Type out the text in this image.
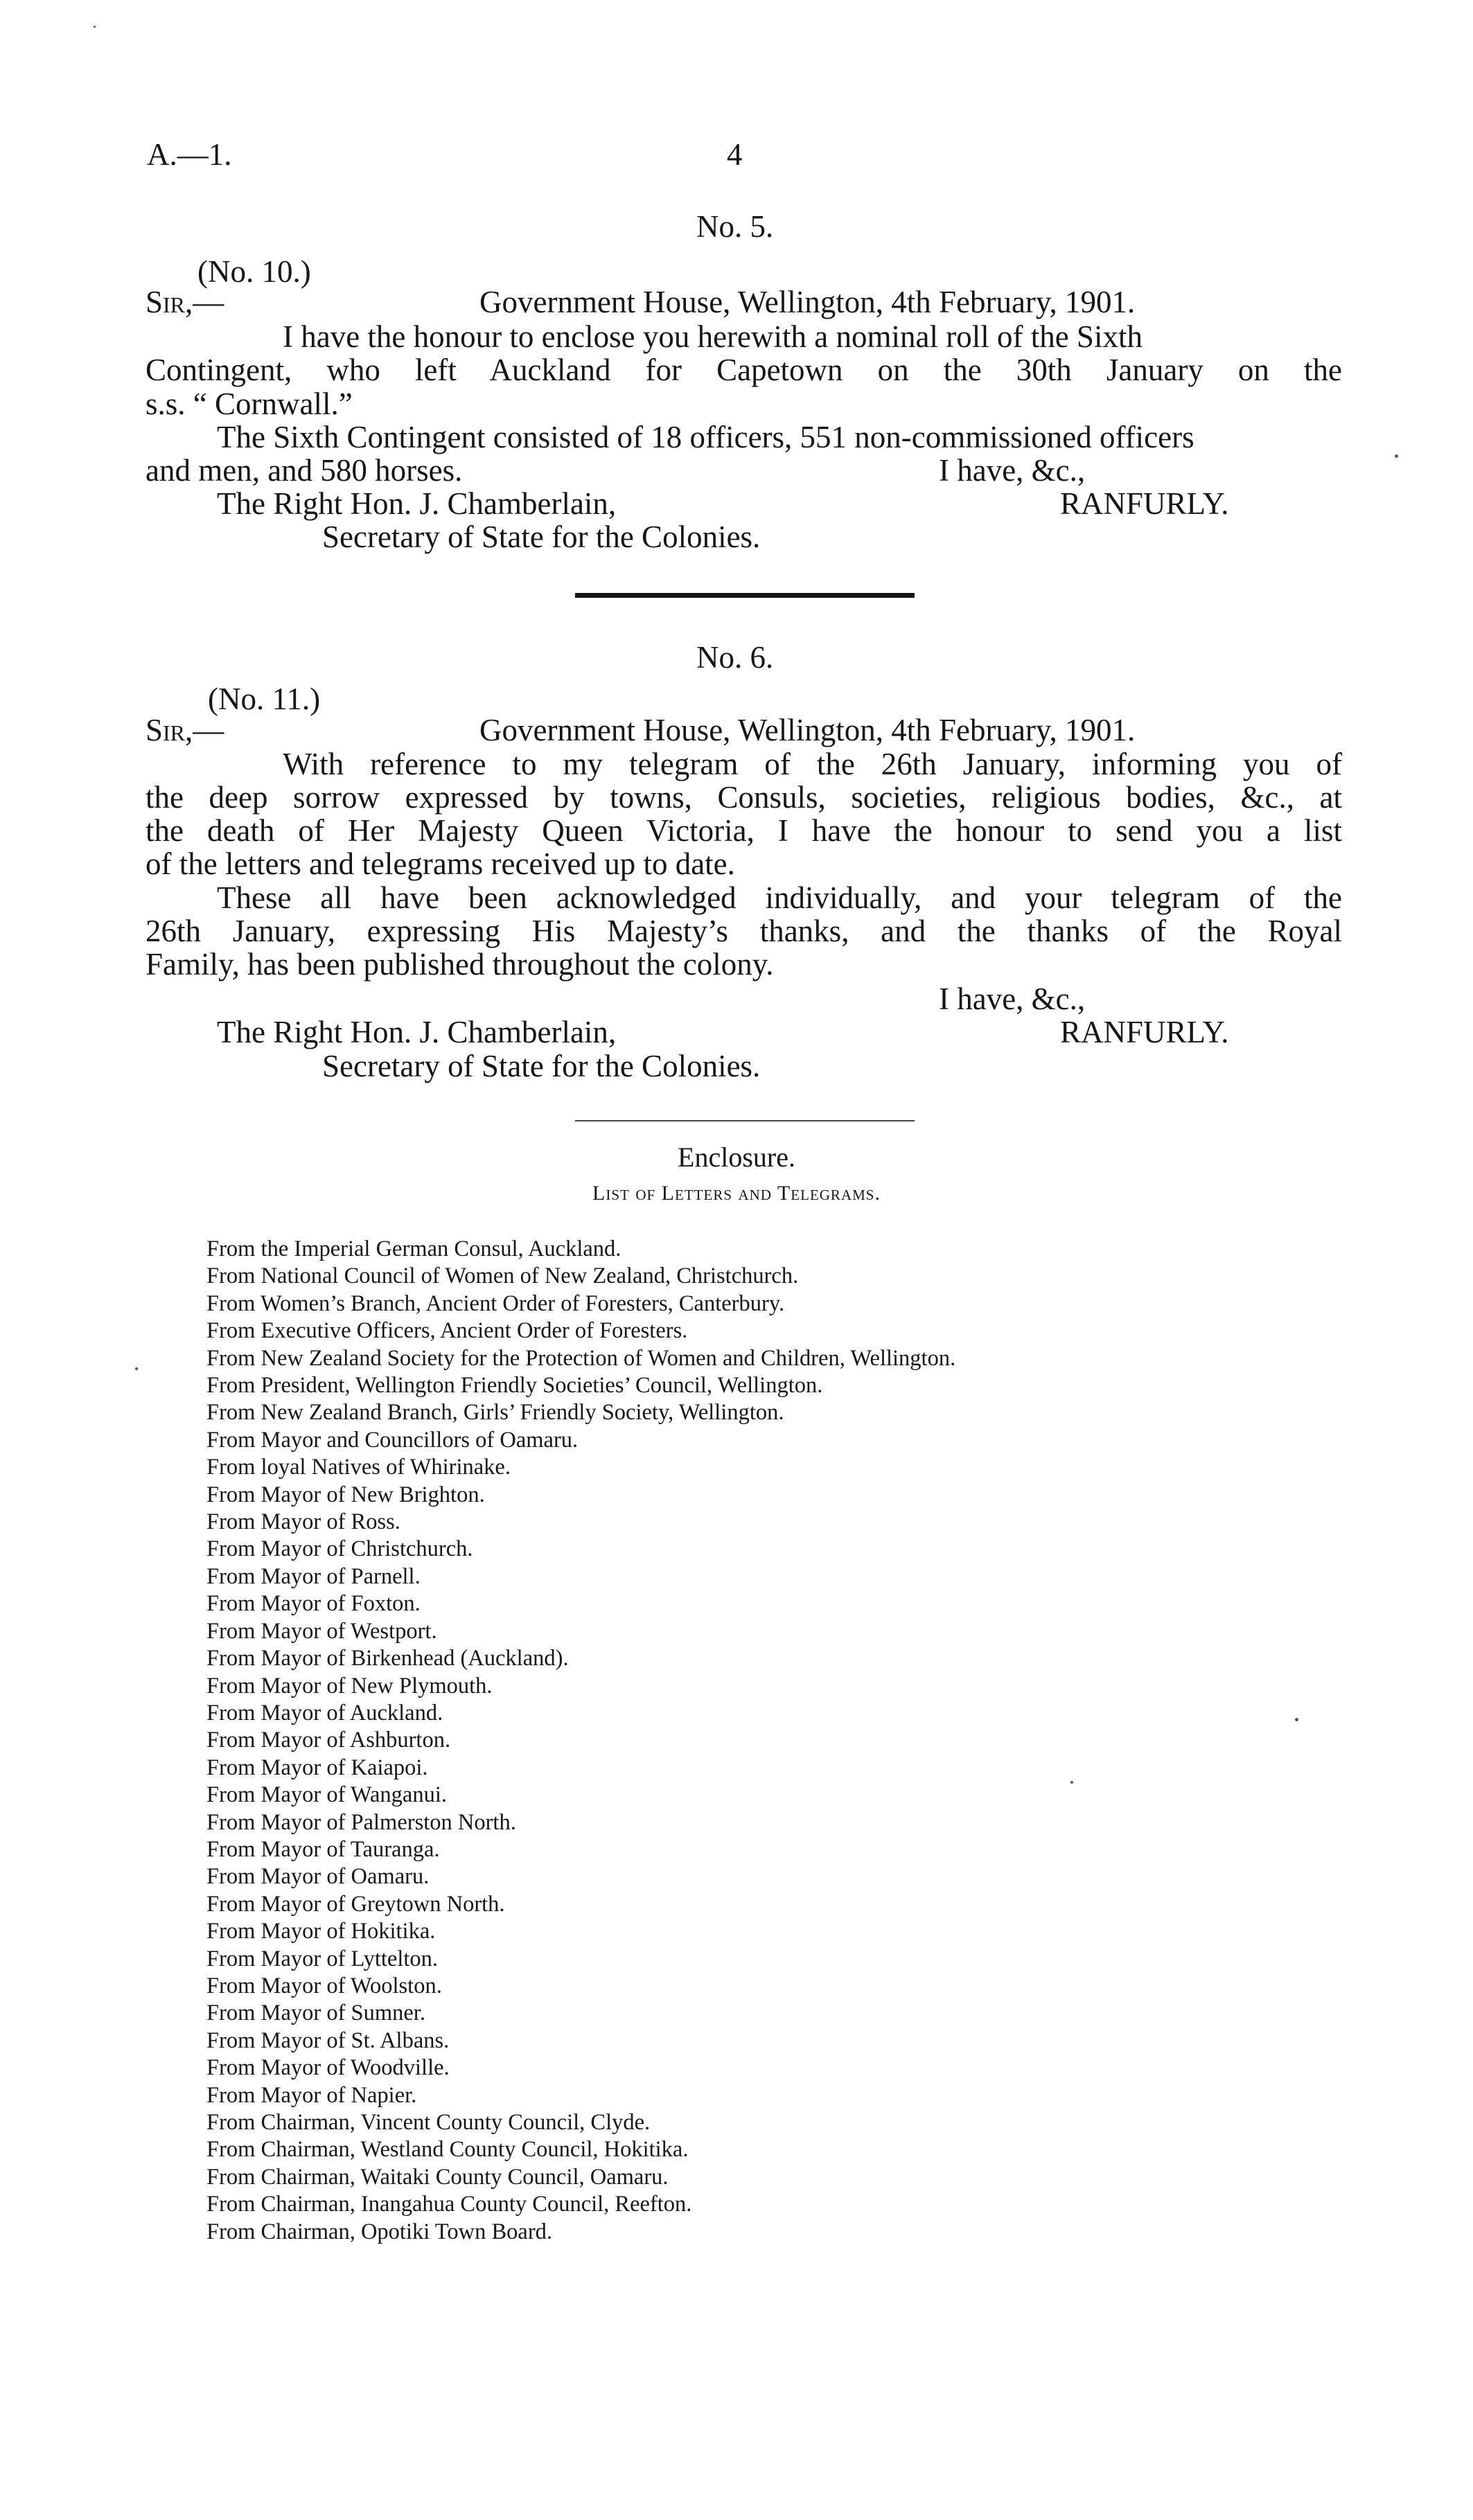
A.—1.	4
No. 5.
(No. 10.)
Sir,—	Government House, Wellington, 4th February, 1901.
I have the honour to enclose you herewith a nominal roll of the Sixth
Contingent, who left Auckland for Capetown on the 30th January on the
s.s. “ Cornwall.”
The Sixth Contingent consisted of 18 officers, 551 non-commissioned officers
and men, and 580 horses.	I have, &c.,
The Right Hon. J. Chamberlain,	RANFURLY.
Secretary of State for the Colonies.
No. 6.
(No. 11.)
Sir,—	Government House, Wellington, 4th February, 1901.
With reference to my telegram of the 26th January, informing you of
the deep sorrow expressed by towns, Consuls, societies, religious bodies, &c., at
the death of Her Majesty Queen Victoria, I have the honour to send you a list
of the letters and telegrams received up to date.
These all have been acknowledged individually, and your telegram of the
26th January, expressing His Majesty’s thanks, and the thanks of the Royal
Family, has been published throughout the colony.
I have, &c.,
The Right Hon. J. Chamberlain,	RANFURLY.
Secretary of State for the Colonies.
Enclosure.
List of Letters and Telegrams.
From the Imperial German Consul, Auckland.
From National Council of Women of New Zealand, Christchurch.
From Women’s Branch, Ancient Order of Foresters, Canterbury.
From Executive Officers, Ancient Order of Foresters.
From New Zealand Society for the Protection of Women and Children, Wellington.
From President, Wellington Friendly Societies’ Council, Wellington.
From New Zealand Branch, Girls’ Friendly Society, Wellington.
From Mayor and Councillors of Oamaru.
From loyal Natives of Whirinake.
From Mayor of New Brighton.
From Mayor of Ross.
From Mayor of Christchurch.
From Mayor of Parnell.
From Mayor of Foxton.
From Mayor of Westport.
From Mayor of Birkenhead (Auckland).
From Mayor of New Plymouth.
From Mayor of Auckland.
From Mayor of Ashburton.
From Mayor of Kaiapoi.
From Mayor of Wanganui.
From Mayor of Palmerston North.
From Mayor of Tauranga.
From Mayor of Oamaru.
From Mayor of Greytown North.
From Mayor of Hokitika.
From Mayor of Lyttelton.
From Mayor of Woolston.
From Mayor of Sumner.
From Mayor of St. Albans.
From Mayor of Woodville.
From Mayor of Napier.
From Chairman, Vincent County Council, Clyde.
From Chairman, Westland County Council, Hokitika.
From Chairman, Waitaki County Council, Oamaru.
From Chairman, Inangahua County Council, Reefton.
From Chairman, Opotiki Town Board.
